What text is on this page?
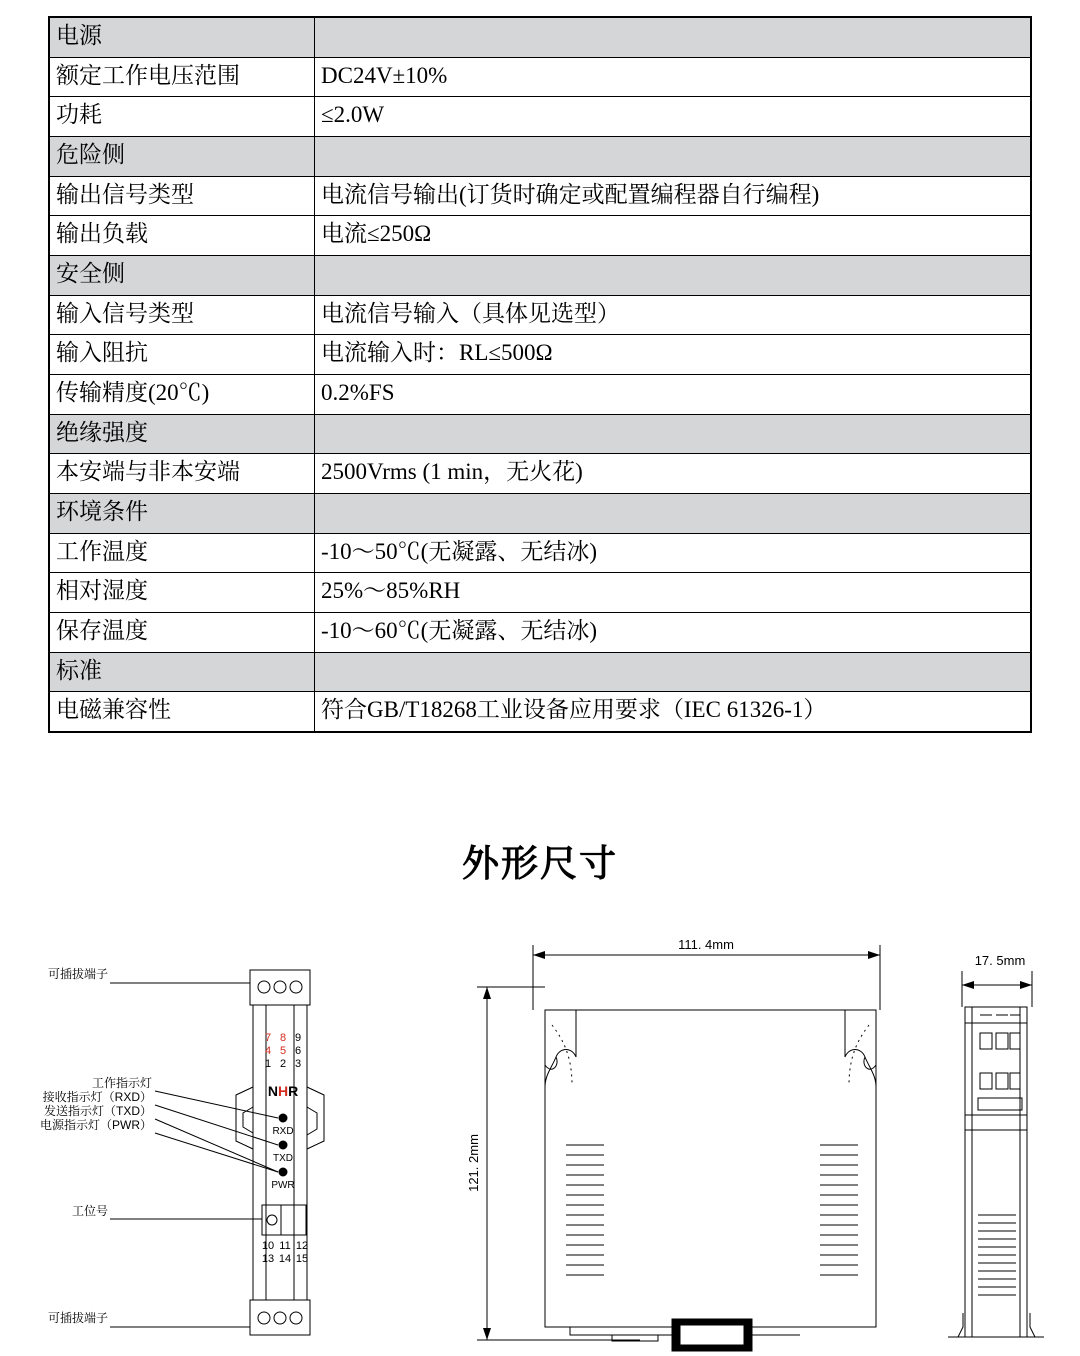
电源	
额定工作电压范围	DC24V±10%
功耗	≤2.0W
危险侧	
输出信号类型	电流信号输出(订货时确定或配置编程器自行编程)
输出负载	电流≤250Ω
安全侧	
输入信号类型	电流信号输入（具体见选型）
输入阻抗	电流输入时：RL≤500Ω
传输精度(20℃)	0.2%FS
绝缘强度	
本安端与非本安端	2500Vrms (1 min，无火花)
环境条件	
工作温度	-10～50℃(无凝露、无结冰)
相对湿度	25%～85%RH
保存温度	-10～60℃(无凝露、无结冰)
标准	
电磁兼容性	符合GB/T18268工业设备应用要求（IEC 61326-1）
外形尺寸
7 8 9
4 5 6
1 2 3
NHR
RXD
TXD
PWR
10 11 12
13 14 15
可插拔端子
可插拔端子
工作指示灯
接收指示灯（RXD）
发送指示灯（TXD）
电源指示灯（PWR）
工位号
111. 4mm
17. 5mm
121. 2mm
